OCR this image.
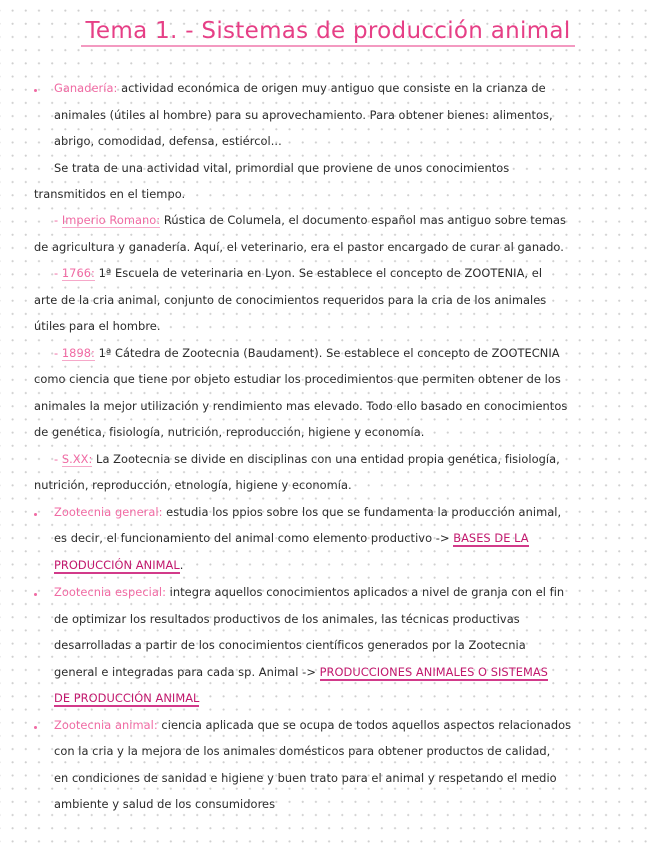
Tema 1. - Sistemas de producción animal
Ganadería: actividad económica de origen muy antiguo que consiste en la crianza de
animales (útiles al hombre) para su aprovechamiento. Para obtener bienes: alimentos,
abrigo, comodidad, defensa, estiércol...
Se trata de una actividad vital, primordial que proviene de unos conocimientos
transmitidos en el tiempo.
- Imperio Romano: Rústica de Columela, el documento español mas antiguo sobre temas
de agricultura y ganadería. Aquí, el veterinario, era el pastor encargado de curar al ganado.
- 1766: 1ª Escuela de veterinaria en Lyon. Se establece el concepto de ZOOTENIA, el
arte de la cria animal, conjunto de conocimientos requeridos para la cria de los animales
útiles para el hombre.
- 1898: 1ª Cátedra de Zootecnia (Baudament). Se establece el concepto de ZOOTECNIA
como ciencia que tiene por objeto estudiar los procedimientos que permiten obtener de los
animales la mejor utilización y rendimiento mas elevado. Todo ello basado en conocimientos
de genética, fisiología, nutrición, reproducción, higiene y economía.
- S.XX: La Zootecnia se divide en disciplinas con una entidad propia genética, fisiología,
nutrición, reproducción, etnología, higiene y economía.
Zootecnia general: estudia los ppios sobre los que se fundamenta la producción animal,
es decir, el funcionamiento del animal como elemento productivo -> BASES DE LA
PRODUCCIÓN ANIMAL.
Zootecnia especial: integra aquellos conocimientos aplicados a nivel de granja con el fin
de optimizar los resultados productivos de los animales, las técnicas productivas
desarrolladas a partir de los conocimientos científicos generados por la Zootecnia
general e integradas para cada sp. Animal -> PRODUCCIONES ANIMALES O SISTEMAS
DE PRODUCCIÓN ANIMAL
Zootecnia animal: ciencia aplicada que se ocupa de todos aquellos aspectos relacionados
con la cria y la mejora de los animales domésticos para obtener productos de calidad,
en condiciones de sanidad e higiene y buen trato para el animal y respetando el medio
ambiente y salud de los consumidores
